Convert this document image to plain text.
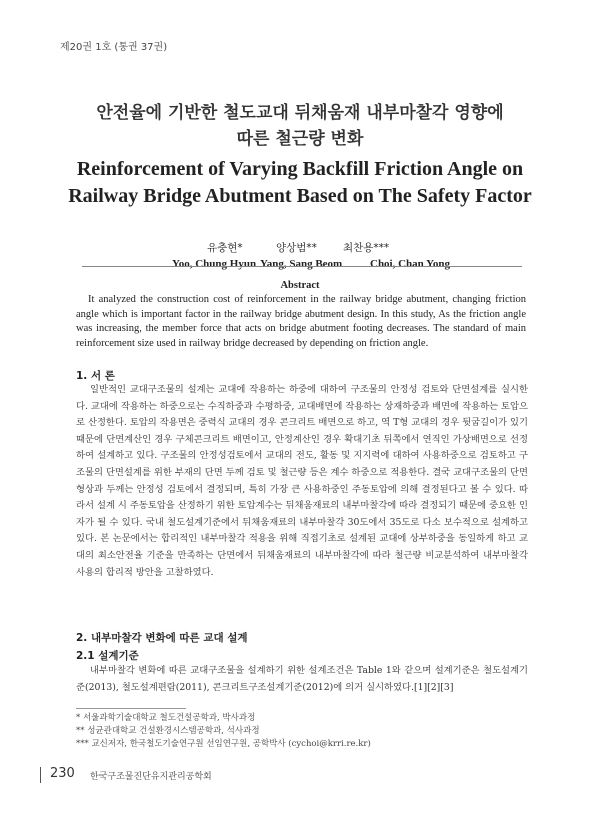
제20권 1호 (통권 37권)
안전율에 기반한 철도교대 뒤채움재 내부마찰각 영향에
따른 철근량 변화
Reinforcement of Varying Backfill Friction Angle on
Railway Bridge Abutment Based on The Safety Factor
유충현*	양상범** 최찬용***
Yoo, Chung Hyun Yang, Sang Beom	Choi, Chan Yong
Abstract
It analyzed the construction cost of reinforcement in the railway bridge abutment, changing friction angle which is important factor in the railway bridge abutment design. In this study, As the friction angle was increasing, the member force that acts on bridge abutment footing decreases. The standard of main reinforcement size used in railway bridge decreased by depending on friction angle.
1. 서 론
일반적인 교대구조물의 설계는 교대에 작용하는 하중에 대하여 구조물의 안정성 검토와 단면설계를 실시한다. 교대에 작용하는 하중으로는 수직하중과 수평하중, 교대배면에 작용하는 상재하중과 배면에 작용하는 토압으로 산정한다. 토압의 작용면은 중력식 교대의 경우 콘크리트 배면으로 하고, 역 T형 교대의 경우 뒷굽길이가 있기 때문에 단면계산인 경우 구체콘크리트 배면이고, 안정계산인 경우 확대기초 뒤쪽에서 연직인 가상배면으로 선정하여 설계하고 있다. 구조물의 안정성검토에서 교대의 전도, 활동 및 지지력에 대하여 사용하중으로 검토하고 구조물의 단면설계를 위한 부재의 단면 두께 검토 및 철근량 등은 계수 하중으로 적용한다. 결국 교대구조물의 단면형상과 두께는 안정성 검토에서 결정되며, 특히 가장 큰 사용하중인 주동토압에 의해 결정된다고 볼 수 있다. 따라서 설계 시 주동토압을 산정하기 위한 토압계수는 뒤채움재료의 내부마찰각에 따라 결정되기 때문에 중요한 인자가 될 수 있다. 국내 철도설계기준에서 뒤채움재료의 내부마찰각 30도에서 35도로 다소 보수적으로 설계하고 있다. 본 논문에서는 합리적인 내부마찰각 적용을 위해 직접기초로 설계된 교대에 상부하중을 동일하게 하고 교대의 최소안전율 기준을 만족하는 단면에서 뒤채움재료의 내부마찰각에 따라 철근량 비교분석하여 내부마찰각 사용의 합리적 방안을 고찰하였다.
2. 내부마찰각 변화에 따른 교대 설계
2.1 설계기준
내부마찰각 변화에 따른 교대구조물을 설계하기 위한 설계조건은 Table 1와 같으며 설계기준은 철도설계기준(2013), 철도설계편람(2011), 콘크리트구조설계기준(2012)에 의거 실시하였다.[1][2][3]
* 서울과학기술대학교 철도건설공학과, 박사과정
** 성균관대학교 건설환경시스템공학과, 석사과정
*** 교신저자, 한국철도기술연구원 선임연구원, 공학박사 (cychoi@krri.re.kr)
230 한국구조물진단유지관리공학회
